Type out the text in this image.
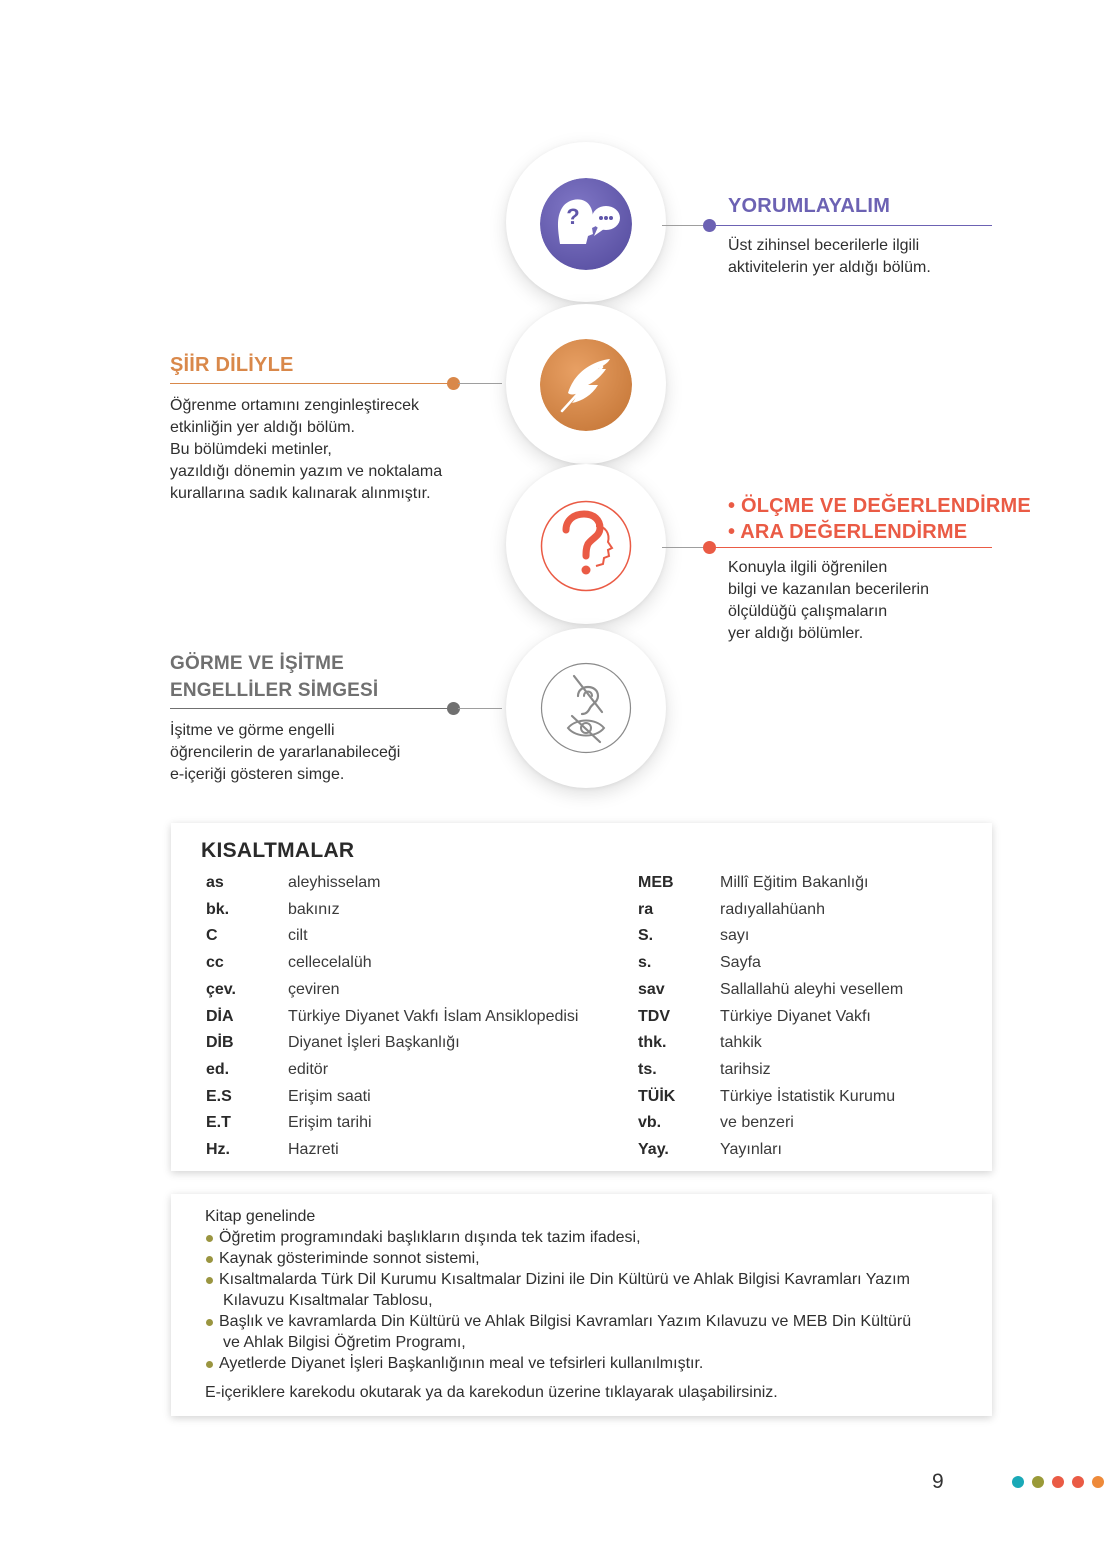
?
abc
YORUMLAYALIM
Üst zihinsel becerilerle ilgili
aktivitelerin yer aldığı bölüm.
ŞİİR DİLİYLE
Öğrenme ortamını zenginleştirecek
etkinliğin yer aldığı bölüm.
Bu bölümdeki metinler,
yazıldığı dönemin yazım ve noktalama
kurallarına sadık kalınarak alınmıştır.
• ÖLÇME VE DEĞERLENDİRME
• ARA DEĞERLENDİRME
Konuyla ilgili öğrenilen
bilgi ve kazanılan becerilerin
ölçüldüğü çalışmaların
yer aldığı bölümler.
GÖRME VE İŞİTME
ENGELLİLER SİMGESİ
İşitme ve görme engelli
öğrencilerin de yararlanabileceği
e-içeriği gösteren simge.
KISALTMALAR
as	aleyhisselam
bk.	bakınız
C	cilt
cc	cellecelalüh
çev.	çeviren
DİA	Türkiye Diyanet Vakfı İslam Ansiklopedisi
DİB	Diyanet İşleri Başkanlığı
ed.	editör
E.S	Erişim saati
E.T	Erişim tarihi
Hz.	Hazreti
MEB	Millî Eğitim Bakanlığı
ra	radıyallahüanh
S.	sayı
s.	Sayfa
sav	Sallallahü aleyhi vesellem
TDV	Türkiye Diyanet Vakfı
thk.	tahkik
ts.	tarihsiz
TÜİK	Türkiye İstatistik Kurumu
vb.	ve benzeri
Yay.	Yayınları
Kitap genelinde
Öğretim programındaki başlıkların dışında tek tazim ifadesi,
Kaynak gösteriminde sonnot sistemi,
Kısaltmalarda Türk Dil Kurumu Kısaltmalar Dizini ile Din Kültürü ve Ahlak Bilgisi Kavramları Yazım
Kılavuzu Kısaltmalar Tablosu,
Başlık ve kavramlarda Din Kültürü ve Ahlak Bilgisi Kavramları Yazım Kılavuzu ve MEB Din Kültürü
ve Ahlak Bilgisi Öğretim Programı,
Ayetlerde Diyanet İşleri Başkanlığının meal ve tefsirleri kullanılmıştır.
E-içeriklere karekodu okutarak ya da karekodun üzerine tıklayarak ulaşabilirsiniz.
9
